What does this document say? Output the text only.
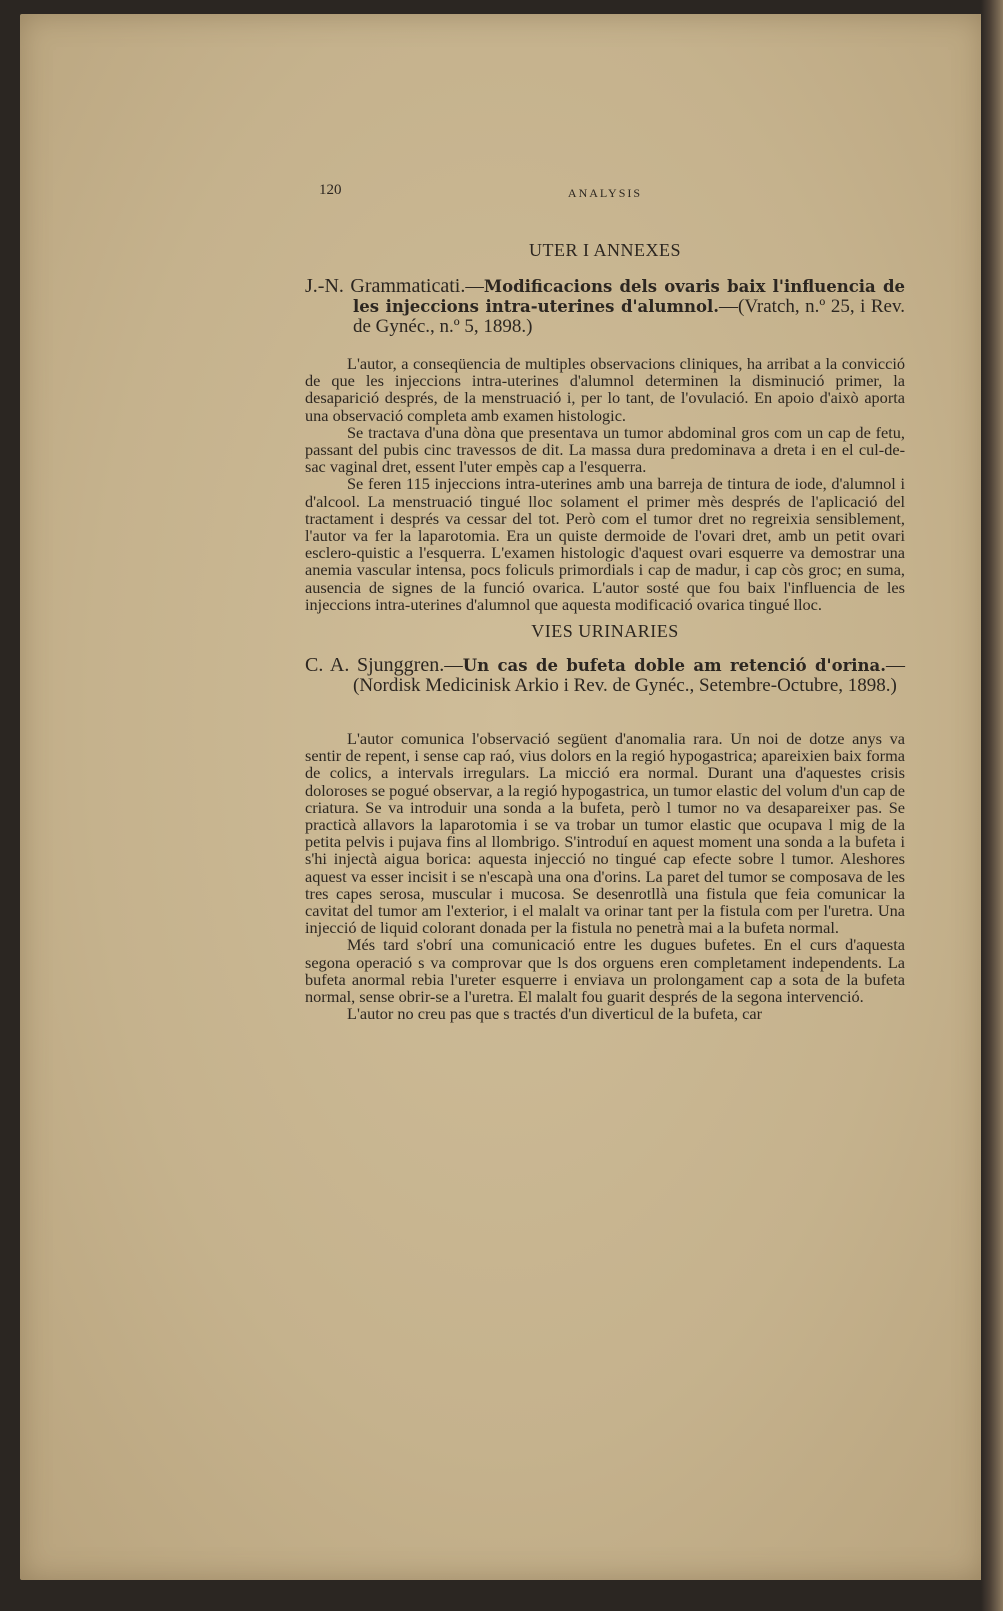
120	ANALYSIS
UTER I ANNEXES

J.-N. Grammaticati.—Modificacions dels ovaris baix l'influencia de les injeccions intra-uterines d'alumnol.—(Vratch, n.º 25, i Rev. de Gynéc., n.º 5, 1898.)

L'autor, a conseqüencia de multiples observacions cliniques, ha arribat a la convicció de que les injeccions intra-uterines d'alumnol determinen la disminució primer, la desaparició després, de la menstruació i, per lo tant, de l'ovulació. En apoio d'això aporta una observació completa amb examen histologic.

Se tractava d'una dòna que presentava un tumor abdominal gros com un cap de fetu, passant del pubis cinc travessos de dit. La massa dura predominava a dreta i en el cul-de-sac vaginal dret, essent l'uter empès cap a l'esquerra.

Se feren 115 injeccions intra-uterines amb una barreja de tintura de iode, d'alumnol i d'alcool. La menstruació tingué lloc solament el primer mès després de l'aplicació del tractament i després va cessar del tot. Però com el tumor dret no regreixia sensiblement, l'autor va fer la laparotomia. Era un quiste dermoide de l'ovari dret, amb un petit ovari esclero-quistic a l'esquerra. L'examen histologic d'aquest ovari esquerre va demostrar una anemia vascular intensa, pocs foliculs primordials i cap de madur, i cap còs groc; en suma, ausencia de signes de la funció ovarica. L'autor sosté que fou baix l'influencia de les injeccions intra-uterines d'alumnol que aquesta modificació ovarica tingué lloc.

VIES URINARIES

C. A. Sjunggren.—Un cas de bufeta doble am retenció d'orina.—(Nordisk Medicinisk Arkio i Rev. de Gynéc., Setembre-Octubre, 1898.)

L'autor comunica l'observació següent d'anomalia rara. Un noi de dotze anys va sentir de repent, i sense cap raó, vius dolors en la regió hypogastrica; apareixien baix forma de colics, a intervals irregulars. La micció era normal. Durant una d'aquestes crisis doloroses se pogué observar, a la regió hypogastrica, un tumor elastic del volum d'un cap de criatura. Se va introduir una sonda a la bufeta, però l tumor no va desapareixer pas. Se practicà allavors la laparotomia i se va trobar un tumor elastic que ocupava l mig de la petita pelvis i pujava fins al llombrigo. S'introduí en aquest moment una sonda a la bufeta i s'hi injectà aigua borica: aquesta injecció no tingué cap efecte sobre l tumor. Aleshores aquest va esser incisit i se n'escapà una ona d'orins. La paret del tumor se composava de les tres capes serosa, muscular i mucosa. Se desenrotllà una fistula que feia comunicar la cavitat del tumor am l'exterior, i el malalt va orinar tant per la fistula com per l'uretra. Una injecció de liquid colorant donada per la fistula no penetrà mai a la bufeta normal.

Més tard s'obrí una comunicació entre les dugues bufetes. En el curs d'aquesta segona operació s va comprovar que ls dos orguens eren completament independents. La bufeta anormal rebia l'ureter esquerre i enviava un prolongament cap a sota de la bufeta normal, sense obrir-se a l'uretra. El malalt fou guarit després de la segona intervenció.

L'autor no creu pas que s tractés d'un diverticul de la bufeta, car
